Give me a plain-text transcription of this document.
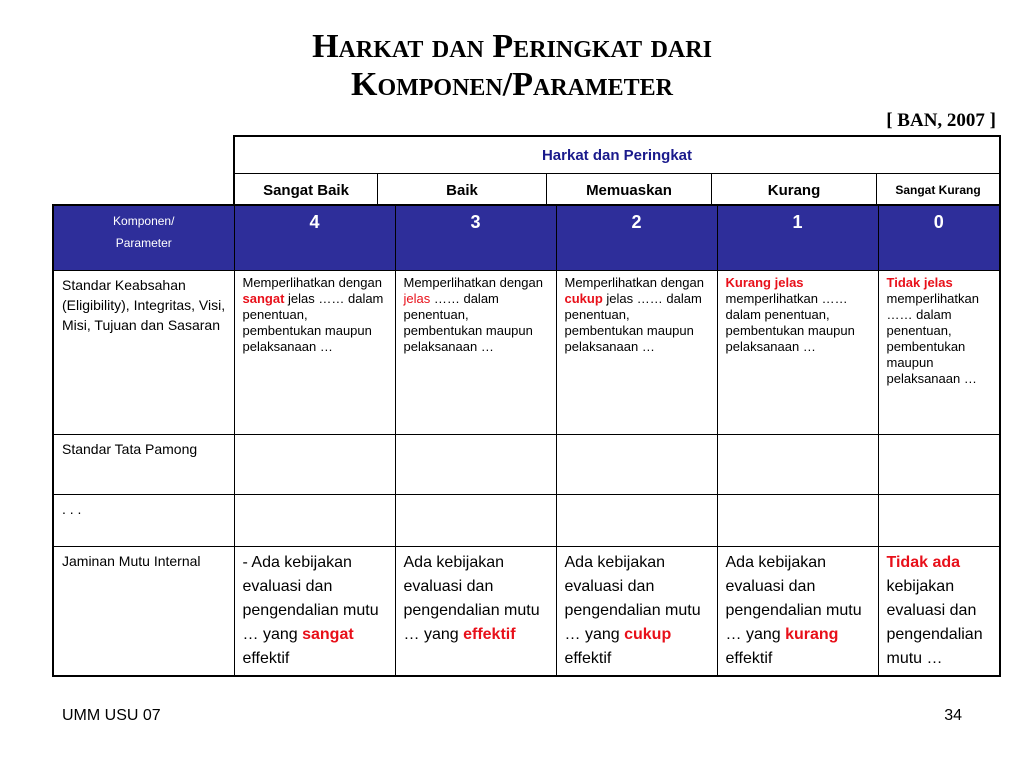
Harkat dan Peringkat dari
Komponen/Parameter
[ BAN, 2007 ]
Harkat dan Peringkat
Sangat Baik	Baik	Memuaskan	Kurang	Sangat Kurang
Komponen/
Parameter	4	3	2	1	0
Standar Keabsahan (Eligibility), Integritas, Visi, Misi, Tujuan dan Sasaran	Memperlihatkan dengan sangat jelas …… dalam penentuan, pembentukan maupun pelaksanaan …	Memperlihatkan dengan jelas …… dalam penentuan, pembentukan maupun pelaksanaan …	Memperlihatkan dengan cukup jelas …… dalam penentuan, pembentukan maupun pelaksanaan …	Kurang jelas memperlihatkan …… dalam penentuan, pembentukan maupun pelaksanaan …	Tidak jelas memperlihatkan …… dalam penentuan, pembentukan maupun pelaksanaan …
Standar Tata Pamong					
. . .					
Jaminan Mutu Internal	- Ada kebijakan evaluasi dan pengendalian mutu … yang sangat effektif	Ada kebijakan evaluasi dan pengendalian mutu … yang effektif	Ada kebijakan evaluasi dan pengendalian mutu … yang cukup effektif	Ada kebijakan evaluasi dan pengendalian mutu … yang kurang effektif	Tidak ada kebijakan evaluasi dan pengendalian mutu …
UMM USU 07	34
